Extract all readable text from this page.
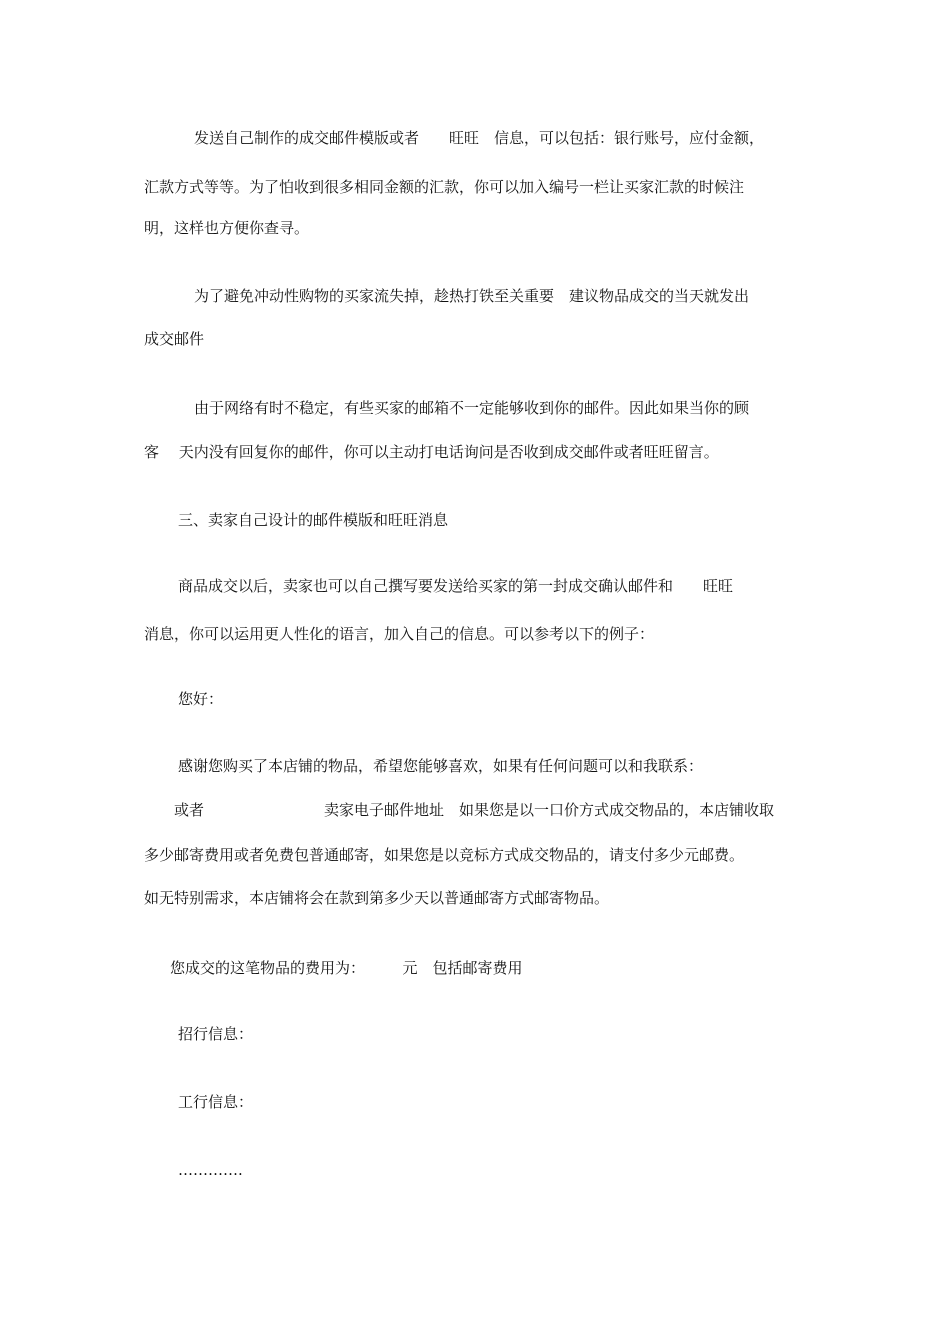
发送自己制作的成交邮件模版或者　　旺旺　信息，可以包括：银行账号，应付金额，
汇款方式等等。为了怕收到很多相同金额的汇款，你可以加入编号一栏让买家汇款的时候注
明，这样也方便你查寻。
为了避免冲动性购物的买家流失掉，趁热打铁至关重要　建议物品成交的当天就发出
成交邮件
由于网络有时不稳定，有些买家的邮箱不一定能够收到你的邮件。因此如果当你的顾
客　 天内没有回复你的邮件，你可以主动打电话询问是否收到成交邮件或者旺旺留言。
三、卖家自己设计的邮件模版和旺旺消息
商品成交以后，卖家也可以自己撰写要发送给买家的第一封成交确认邮件和　　旺旺
消息，你可以运用更人性化的语言，加入自己的信息。可以参考以下的例子：
您好：
感谢您购买了本店铺的物品，希望您能够喜欢，如果有任何问题可以和我联系：
或者　　　　　　　　卖家电子邮件地址　如果您是以一口价方式成交物品的，本店铺收取
多少邮寄费用或者免费包普通邮寄，如果您是以竞标方式成交物品的，请支付多少元邮费。
如无特别需求，本店铺将会在款到第多少天以普通邮寄方式邮寄物品。
您成交的这笔物品的费用为：　　　元　包括邮寄费用
招行信息：
工行信息：
………….
